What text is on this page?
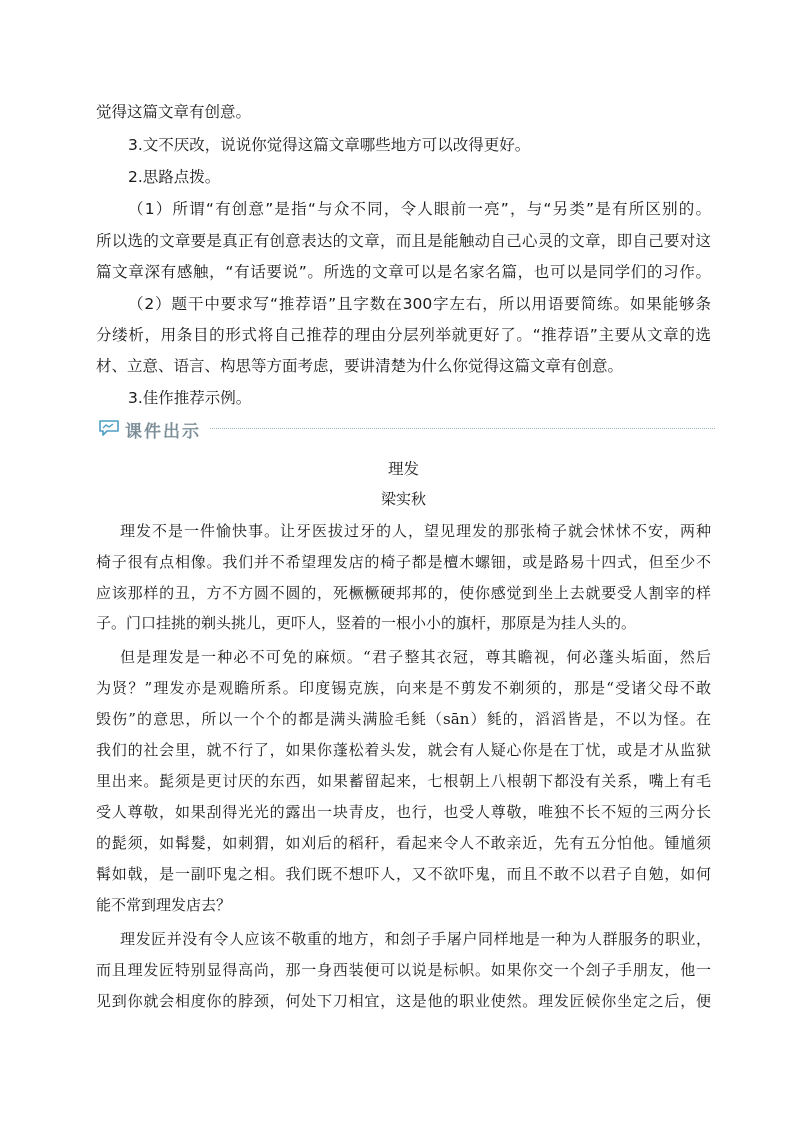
觉得这篇文章有创意。
3.文不厌改，说说你觉得这篇文章哪些地方可以改得更好。
2.思路点拨。
（1）所谓“有创意”是指“与众不同，令人眼前一亮”，与“另类”是有所区别的。
所以选的文章要是真正有创意表达的文章，而且是能触动自己心灵的文章，即自己要对这
篇文章深有感触，“有话要说”。所选的文章可以是名家名篇，也可以是同学们的习作。
（2）题干中要求写“推荐语”且字数在300字左右，所以用语要简练。如果能够条
分缕析，用条目的形式将自己推荐的理由分层列举就更好了。“推荐语”主要从文章的选
材、立意、语言、构思等方面考虑，要讲清楚为什么你觉得这篇文章有创意。
3.佳作推荐示例。
课件出示
理发
梁实秋
理发不是一件愉快事。让牙医拔过牙的人，望见理发的那张椅子就会怵怵不安，两种
椅子很有点相像。我们并不希望理发店的椅子都是檀木螺钿，或是路易十四式，但至少不
应该那样的丑，方不方圆不圆的，死橛橛硬邦邦的，使你感觉到坐上去就要受人割宰的样
子。门口挂挑的剃头挑儿，更吓人，竖着的一根小小的旗杆，那原是为挂人头的。
但是理发是一种必不可免的麻烦。“君子整其衣冠，尊其瞻视，何必蓬头垢面，然后
为贤？”理发亦是观瞻所系。印度锡克族，向来是不剪发不剃须的，那是“受诸父母不敢
毁伤”的意思，所以一个个的都是满头满脸毛毵（sān）毵的，滔滔皆是，不以为怪。在
我们的社会里，就不行了，如果你蓬松着头发，就会有人疑心你是在丁忧，或是才从监狱
里出来。髭须是更讨厌的东西，如果蓄留起来，七根朝上八根朝下都没有关系，嘴上有毛
受人尊敬，如果刮得光光的露出一块青皮，也行，也受人尊敬，唯独不长不短的三两分长
的髭须，如髯髮，如刺猬，如刈后的稻秆，看起来令人不敢亲近，先有五分怕他。锺馗须
髯如戟，是一副吓鬼之相。我们既不想吓人，又不欲吓鬼，而且不敢不以君子自勉，如何
能不常到理发店去？
理发匠并没有令人应该不敬重的地方，和刽子手屠户同样地是一种为人群服务的职业，
而且理发匠特别显得高尚，那一身西装便可以说是标帜。如果你交一个刽子手朋友，他一
见到你就会相度你的脖颈，何处下刀相宜，这是他的职业使然。理发匠候你坐定之后，便
